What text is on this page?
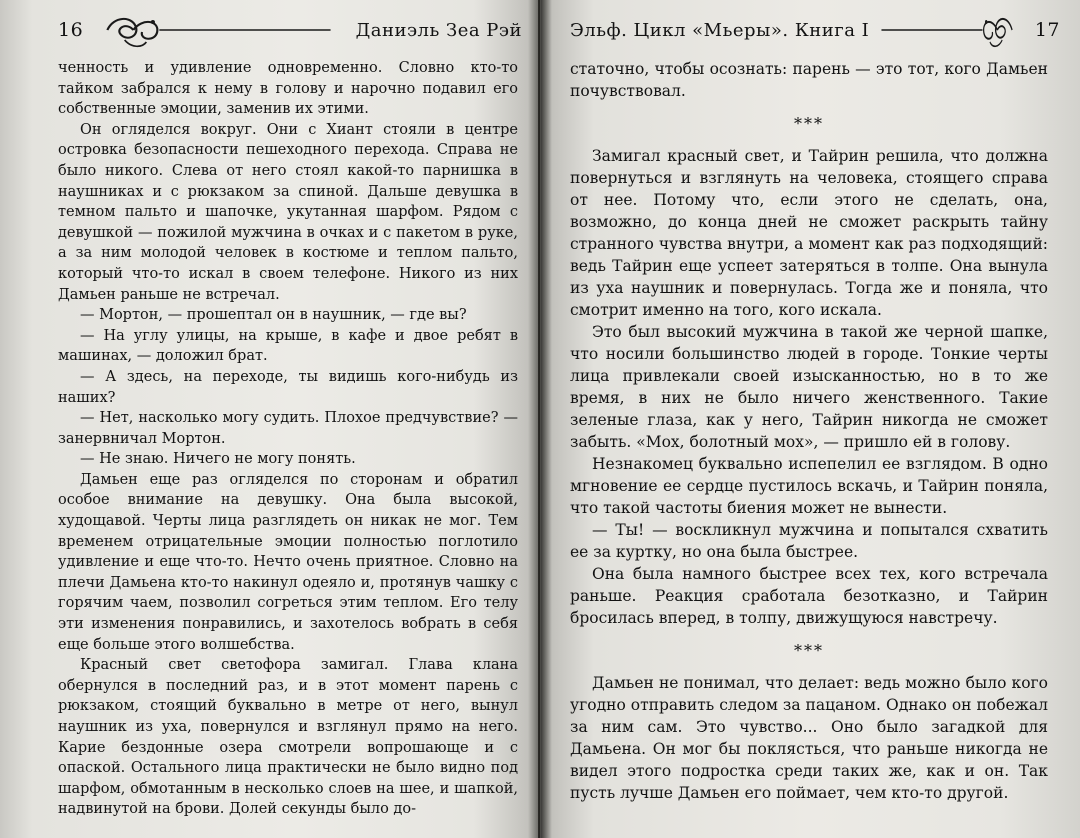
16	Даниэль Зеа Рэй

ченность и удивление одновременно. Словно кто-то тайком забрался к нему в голову и нарочно подавил его собственные эмоции, заменив их этими.

Он огляделся вокруг. Они с Хиант стояли в центре островка безопасности пешеходного перехода. Справа не было никого. Слева от него стоял какой-то парнишка в наушниках и с рюкзаком за спиной. Дальше девушка в темном пальто и шапочке, укутанная шарфом. Рядом с девушкой — пожилой мужчина в очках и с пакетом в руке, а за ним молодой человек в костюме и теплом пальто, который что-то искал в своем телефоне. Никого из них Дамьен раньше не встречал.

— Мортон, — прошептал он в наушник, — где вы?

— На углу улицы, на крыше, в кафе и двое ребят в машинах, — доложил брат.

— А здесь, на переходе, ты видишь кого-нибудь из наших?

— Нет, насколько могу судить. Плохое предчувствие? — занервничал Мортон.

— Не знаю. Ничего не могу понять.

Дамьен еще раз огляделся по сторонам и обратил особое внимание на девушку. Она была высокой, худощавой. Черты лица разглядеть он никак не мог. Тем временем отрицательные эмоции полностью поглотило удивление и еще что-то. Нечто очень приятное. Словно на плечи Дамьена кто-то накинул одеяло и, протянув чашку с горячим чаем, позволил согреться этим теплом. Его телу эти изменения понравились, и захотелось вобрать в себя еще больше этого волшебства.

Красный свет светофора замигал. Глава клана обернулся в последний раз, и в этот момент парень с рюкзаком, стоящий буквально в метре от него, вынул наушник из уха, повернулся и взглянул прямо на него. Карие бездонные озера смотрели вопрошающе и с опаской. Остального лица практически не было видно под шарфом, обмотанным в несколько слоев на шее, и шапкой, надвинутой на брови. Долей секунды было до-

Эльф. Цикл «Мьеры». Книга I	17

статочно, чтобы осознать: парень — это тот, кого Дамьен почувствовал.

***

Замигал красный свет, и Тайрин решила, что должна повернуться и взглянуть на человека, стоящего справа от нее. Потому что, если этого не сделать, она, возможно, до конца дней не сможет раскрыть тайну странного чувства внутри, а момент как раз подходящий: ведь Тайрин еще успеет затеряться в толпе. Она вынула из уха наушник и повернулась. Тогда же и поняла, что смотрит именно на того, кого искала.

Это был высокий мужчина в такой же черной шапке, что носили большинство людей в городе. Тонкие черты лица привлекали своей изысканностью, но в то же время, в них не было ничего женственного. Такие зеленые глаза, как у него, Тайрин никогда не сможет забыть. «Мох, болотный мох», — пришло ей в голову.

Незнакомец буквально испепелил ее взглядом. В одно мгновение ее сердце пустилось вскачь, и Тайрин поняла, что такой частоты биения может не вынести.

— Ты! — воскликнул мужчина и попытался схватить ее за куртку, но она была быстрее.

Она была намного быстрее всех тех, кого встречала раньше. Реакция сработала безотказно, и Тайрин бросилась вперед, в толпу, движущуюся навстречу.

***

Дамьен не понимал, что делает: ведь можно было кого угодно отправить следом за пацаном. Однако он побежал за ним сам. Это чувство... Оно было загадкой для Дамьена. Он мог бы поклясться, что раньше никогда не видел этого подростка среди таких же, как и он. Так пусть лучше Дамьен его поймает, чем кто-то другой.
